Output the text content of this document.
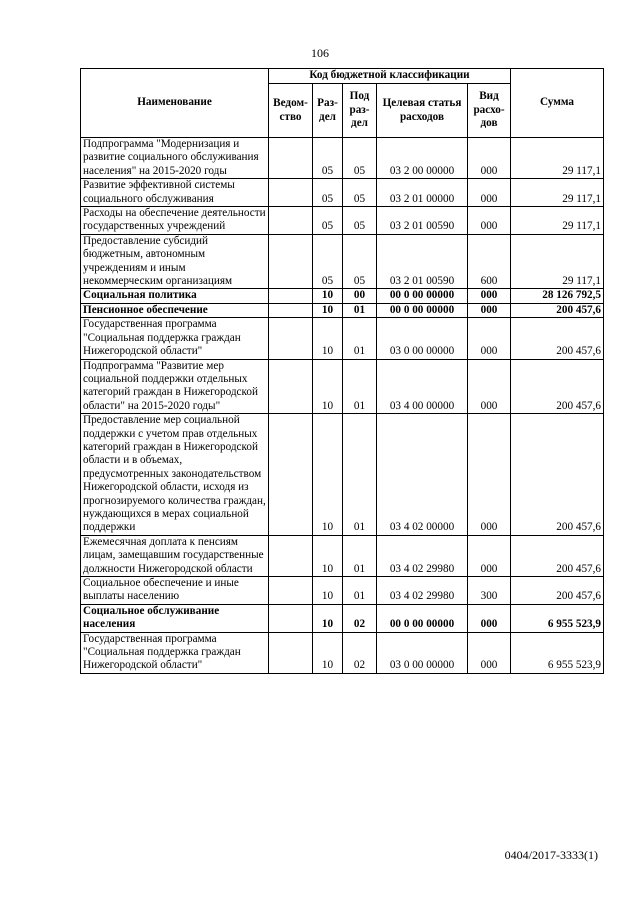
106
Наименование	Код бюджетной классификации					Сумма
	Ведом-ство	Раз-дел	Под раз-дел	Целевая статья расходов	Вид расхо-дов	
Подпрограмма "Модернизация и развитие социального обслуживания населения" на 2015-2020 годы		05	05	03 2 00 00000	000	29 117,1
Развитие эффективной системы социального обслуживания		05	05	03 2 01 00000	000	29 117,1
Расходы на обеспечение деятельности государственных учреждений		05	05	03 2 01 00590	000	29 117,1
Предоставление субсидий бюджетным, автономным учреждениям и иным некоммерческим организациям		05	05	03 2 01 00590	600	29 117,1
Социальная политика		10	00	00 0 00 00000	000	28 126 792,5
Пенсионное обеспечение		10	01	00 0 00 00000	000	200 457,6
Государственная программа "Социальная поддержка граждан Нижегородской области"		10	01	03 0 00 00000	000	200 457,6
Подпрограмма "Развитие мер социальной поддержки отдельных категорий граждан в Нижегородской области" на 2015-2020 годы"		10	01	03 4 00 00000	000	200 457,6
Предоставление мер социальной поддержки с учетом прав отдельных категорий граждан в Нижегородской области и в объемах, предусмотренных законодательством Нижегородской области, исходя из прогнозируемого количества граждан, нуждающихся в мерах социальной поддержки		10	01	03 4 02 00000	000	200 457,6
Ежемесячная доплата к пенсиям лицам, замещавшим государственные должности Нижегородской области		10	01	03 4 02 29980	000	200 457,6
Социальное обеспечение и иные выплаты населению		10	01	03 4 02 29980	300	200 457,6
Социальное обслуживание населения		10	02	00 0 00 00000	000	6 955 523,9
Государственная программа "Социальная поддержка граждан Нижегородской области"		10	02	03 0 00 00000	000	6 955 523,9
0404/2017-3333(1)
